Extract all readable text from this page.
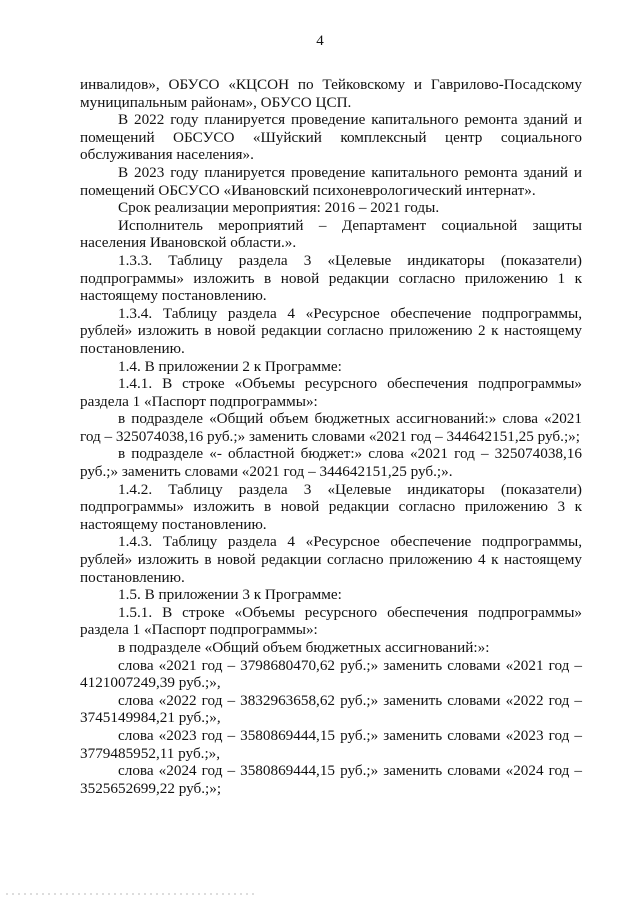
4

инвалидов», ОБУСО «КЦСОН по Тейковскому и Гаврилово-Посадскому муниципальным районам», ОБУСО ЦСП.

В 2022 году планируется проведение капитального ремонта зданий и помещений ОБСУСО «Шуйский комплексный центр социального обслуживания населения».

В 2023 году планируется проведение капитального ремонта зданий и помещений ОБСУСО «Ивановский психоневрологический интернат».

Срок реализации мероприятия: 2016 – 2021 годы.

Исполнитель мероприятий – Департамент социальной защиты населения Ивановской области.».

1.3.3. Таблицу раздела 3 «Целевые индикаторы (показатели) подпрограммы» изложить в новой редакции согласно приложению 1 к настоящему постановлению.

1.3.4. Таблицу раздела 4 «Ресурсное обеспечение подпрограммы, рублей» изложить в новой редакции согласно приложению 2 к настоящему постановлению.

1.4. В приложении 2 к Программе:

1.4.1. В строке «Объемы ресурсного обеспечения подпрограммы» раздела 1 «Паспорт подпрограммы»:

в подразделе «Общий объем бюджетных ассигнований:» слова «2021 год – 325074038,16 руб.;» заменить словами «2021 год – 344642151,25 руб.;»;

в подразделе «- областной бюджет:» слова «2021 год – 325074038,16 руб.;» заменить словами «2021 год – 344642151,25 руб.;».

1.4.2. Таблицу раздела 3 «Целевые индикаторы (показатели) подпрограммы» изложить в новой редакции согласно приложению 3 к настоящему постановлению.

1.4.3. Таблицу раздела 4 «Ресурсное обеспечение подпрограммы, рублей» изложить в новой редакции согласно приложению 4 к настоящему постановлению.

1.5. В приложении 3 к Программе:

1.5.1. В строке «Объемы ресурсного обеспечения подпрограммы» раздела 1 «Паспорт подпрограммы»:

в подразделе «Общий объем бюджетных ассигнований:»:

слова «2021 год – 3798680470,62 руб.;» заменить словами «2021 год – 4121007249,39 руб.;»,

слова «2022 год – 3832963658,62 руб.;» заменить словами «2022 год – 3745149984,21 руб.;»,

слова «2023 год – 3580869444,15 руб.;» заменить словами «2023 год – 3779485952,11 руб.;»,

слова «2024 год – 3580869444,15 руб.;» заменить словами «2024 год – 3525652699,22 руб.;»;
